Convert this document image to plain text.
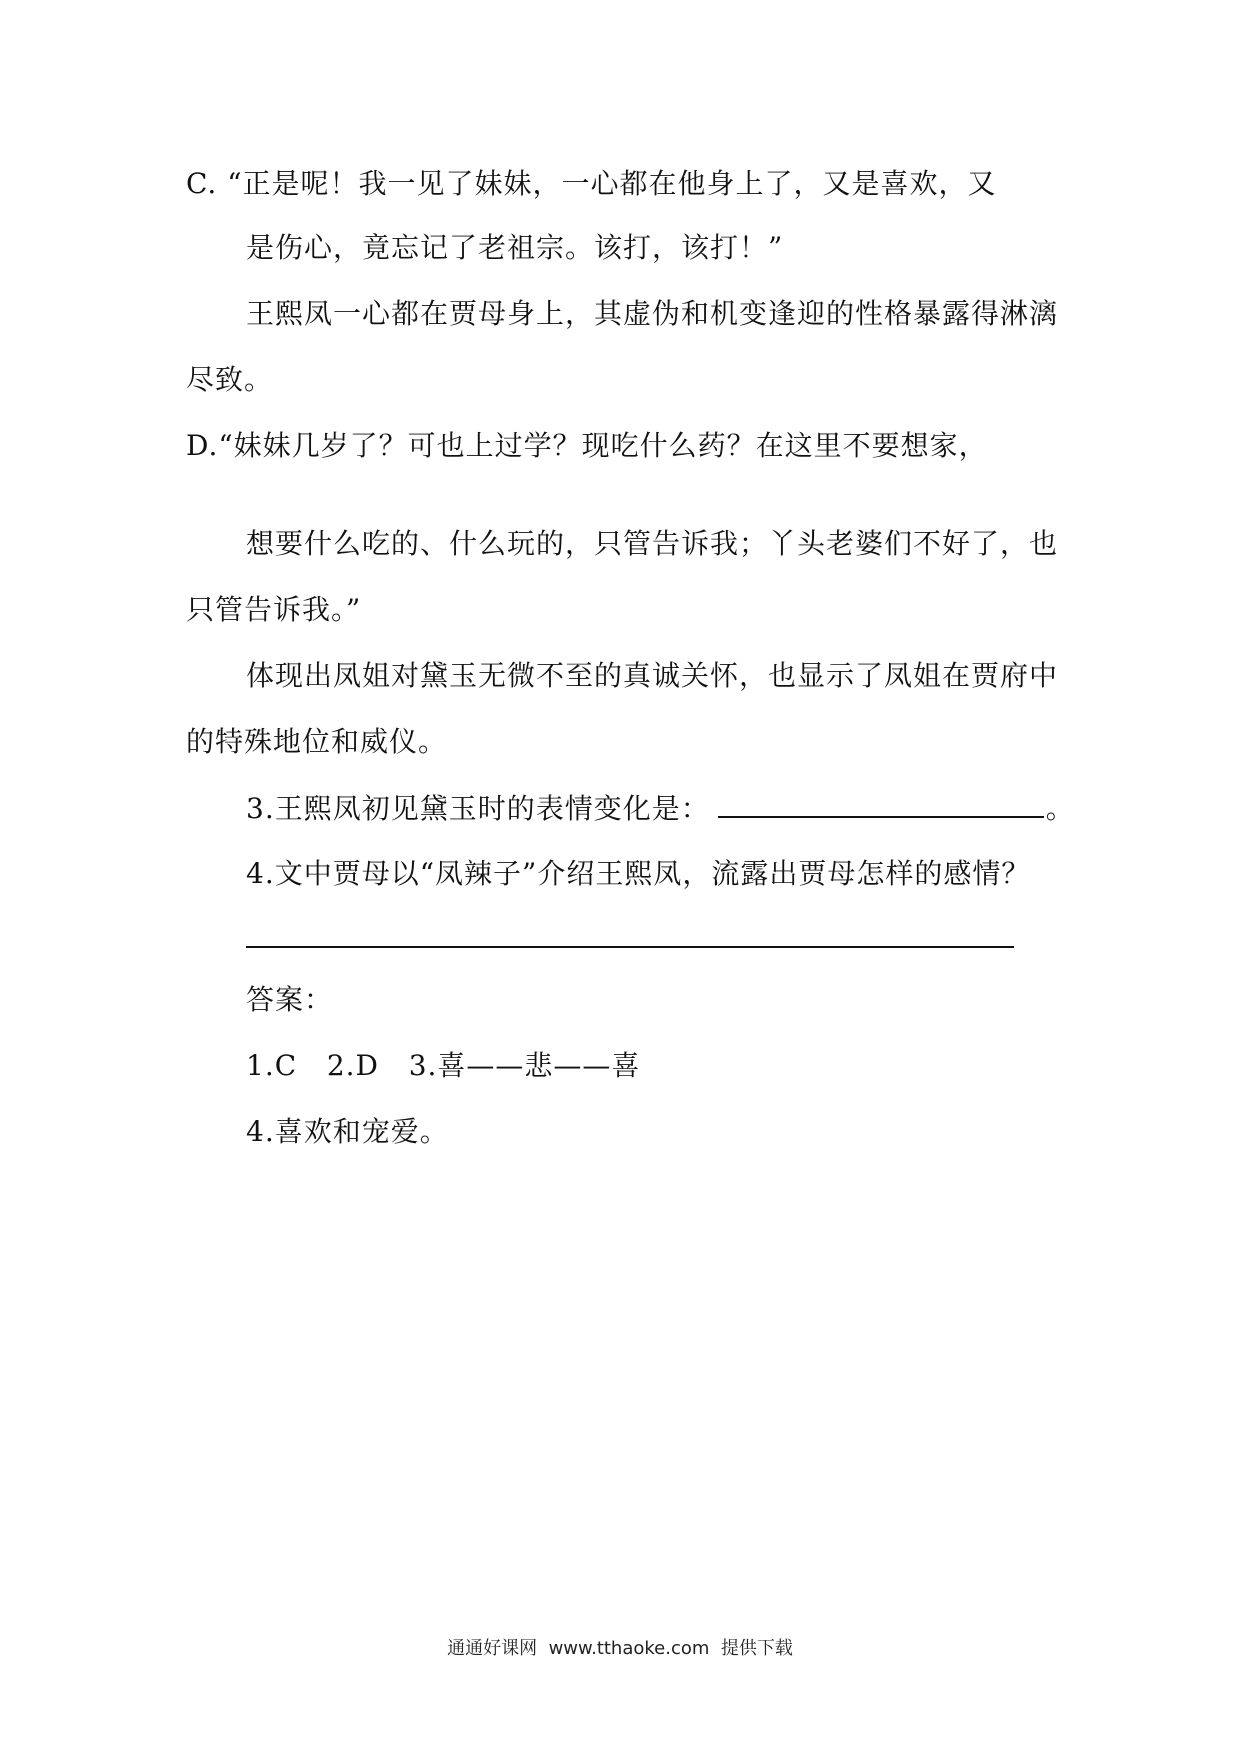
C. “正是呢！我一见了妹妹，一心都在他身上了，又是喜欢，又
是伤心，竟忘记了老祖宗。该打，该打！”
王熙凤一心都在贾母身上，其虚伪和机变逢迎的性格暴露得淋漓
尽致。
D.“妹妹几岁了？可也上过学？现吃什么药？在这里不要想家，
想要什么吃的、什么玩的，只管告诉我；丫头老婆们不好了，也
只管告诉我。”
体现出凤姐对黛玉无微不至的真诚关怀，也显示了凤姐在贾府中
的特殊地位和威仪。
3.王熙凤初见黛玉时的表情变化是：	。
4.文中贾母以“凤辣子”介绍王熙凤，流露出贾母怎样的感情？
答案：
1.C   2.D   3.喜——悲——喜
4.喜欢和宠爱。
通通好课网  www.tthaoke.com  提供下载
